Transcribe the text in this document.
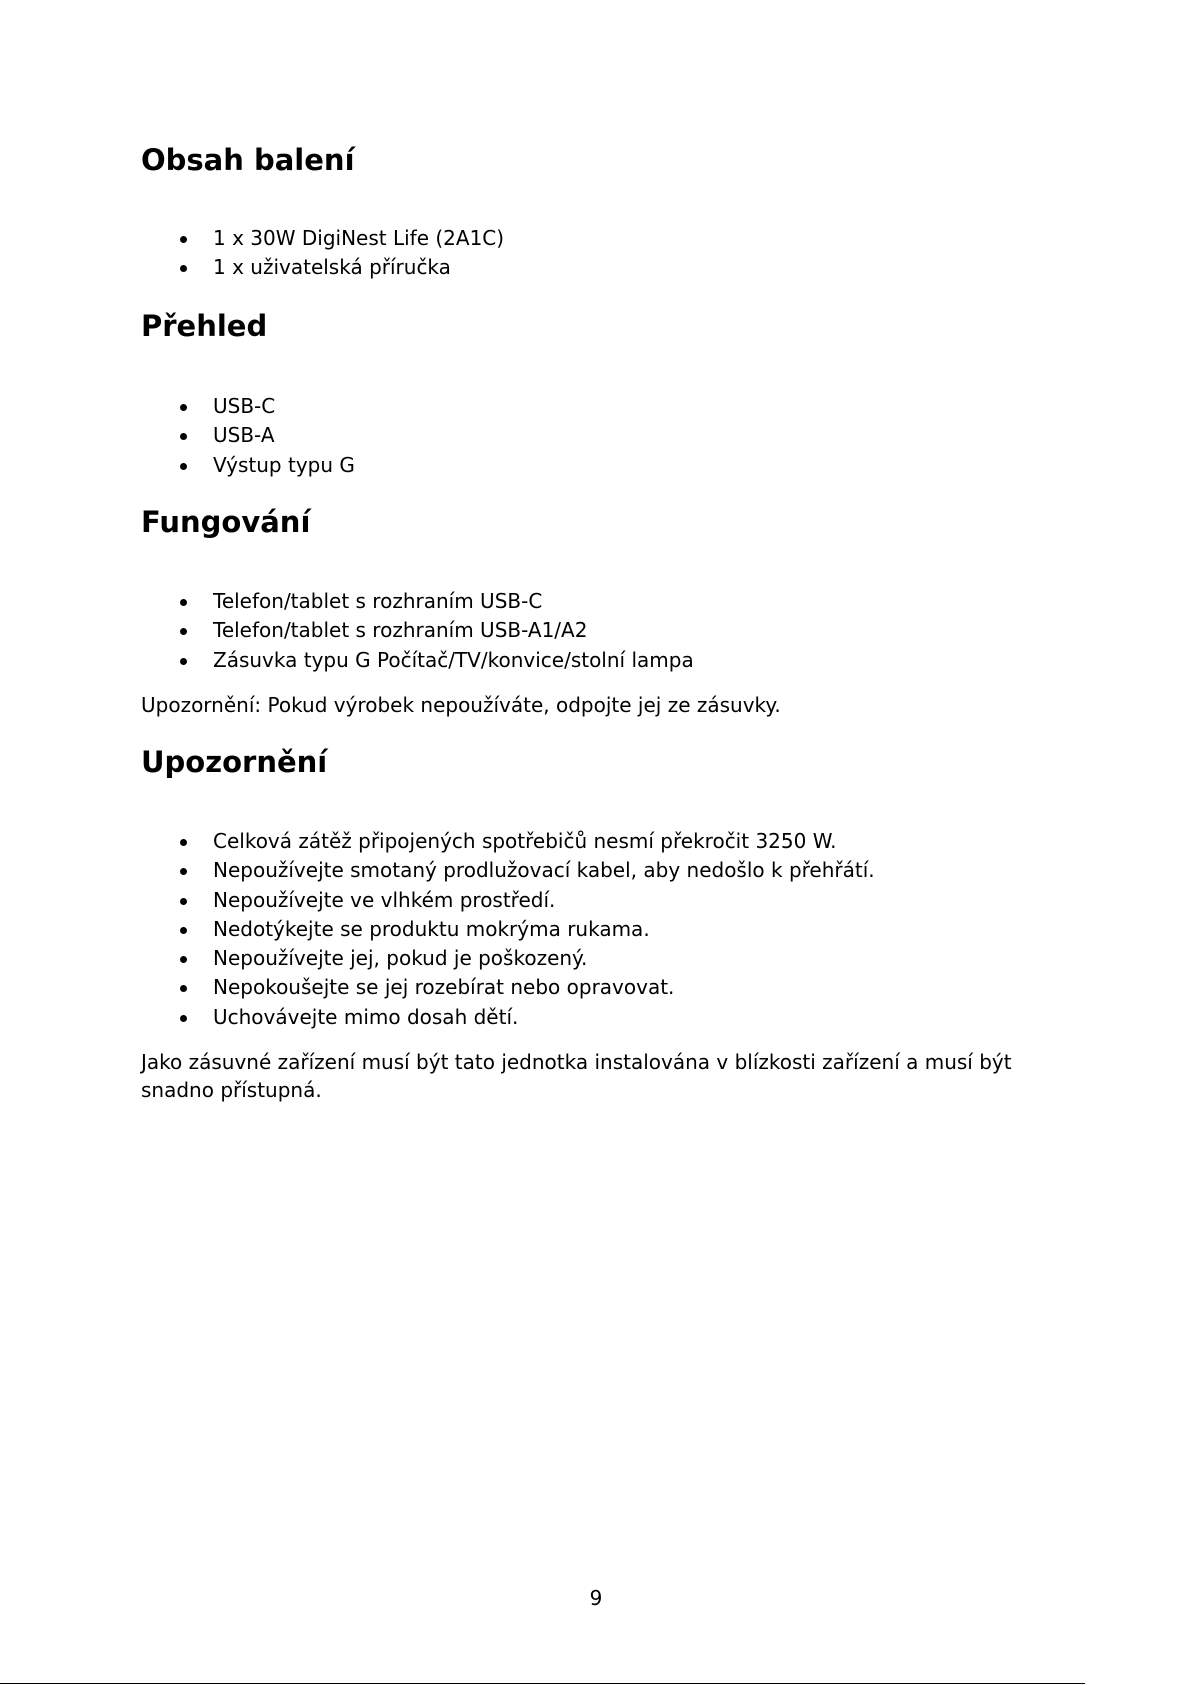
Obsah balení
1 x 30W DigiNest Life (2A1C)
1 x uživatelská příručka
Přehled
USB-C
USB-A
Výstup typu G
Fungování
Telefon/tablet s rozhraním USB-C
Telefon/tablet s rozhraním USB-A1/A2
Zásuvka typu G Počítač/TV/konvice/stolní lampa

Upozornění: Pokud výrobek nepoužíváte, odpojte jej ze zásuvky.

Upozornění
Celková zátěž připojených spotřebičů nesmí překročit 3250 W.
Nepoužívejte smotaný prodlužovací kabel, aby nedošlo k přehřátí.
Nepoužívejte ve vlhkém prostředí.
Nedotýkejte se produktu mokrýma rukama.
Nepoužívejte jej, pokud je poškozený.
Nepokoušejte se jej rozebírat nebo opravovat.
Uchovávejte mimo dosah dětí.

Jako zásuvné zařízení musí být tato jednotka instalována v blízkosti zařízení a musí být snadno přístupná.

9
